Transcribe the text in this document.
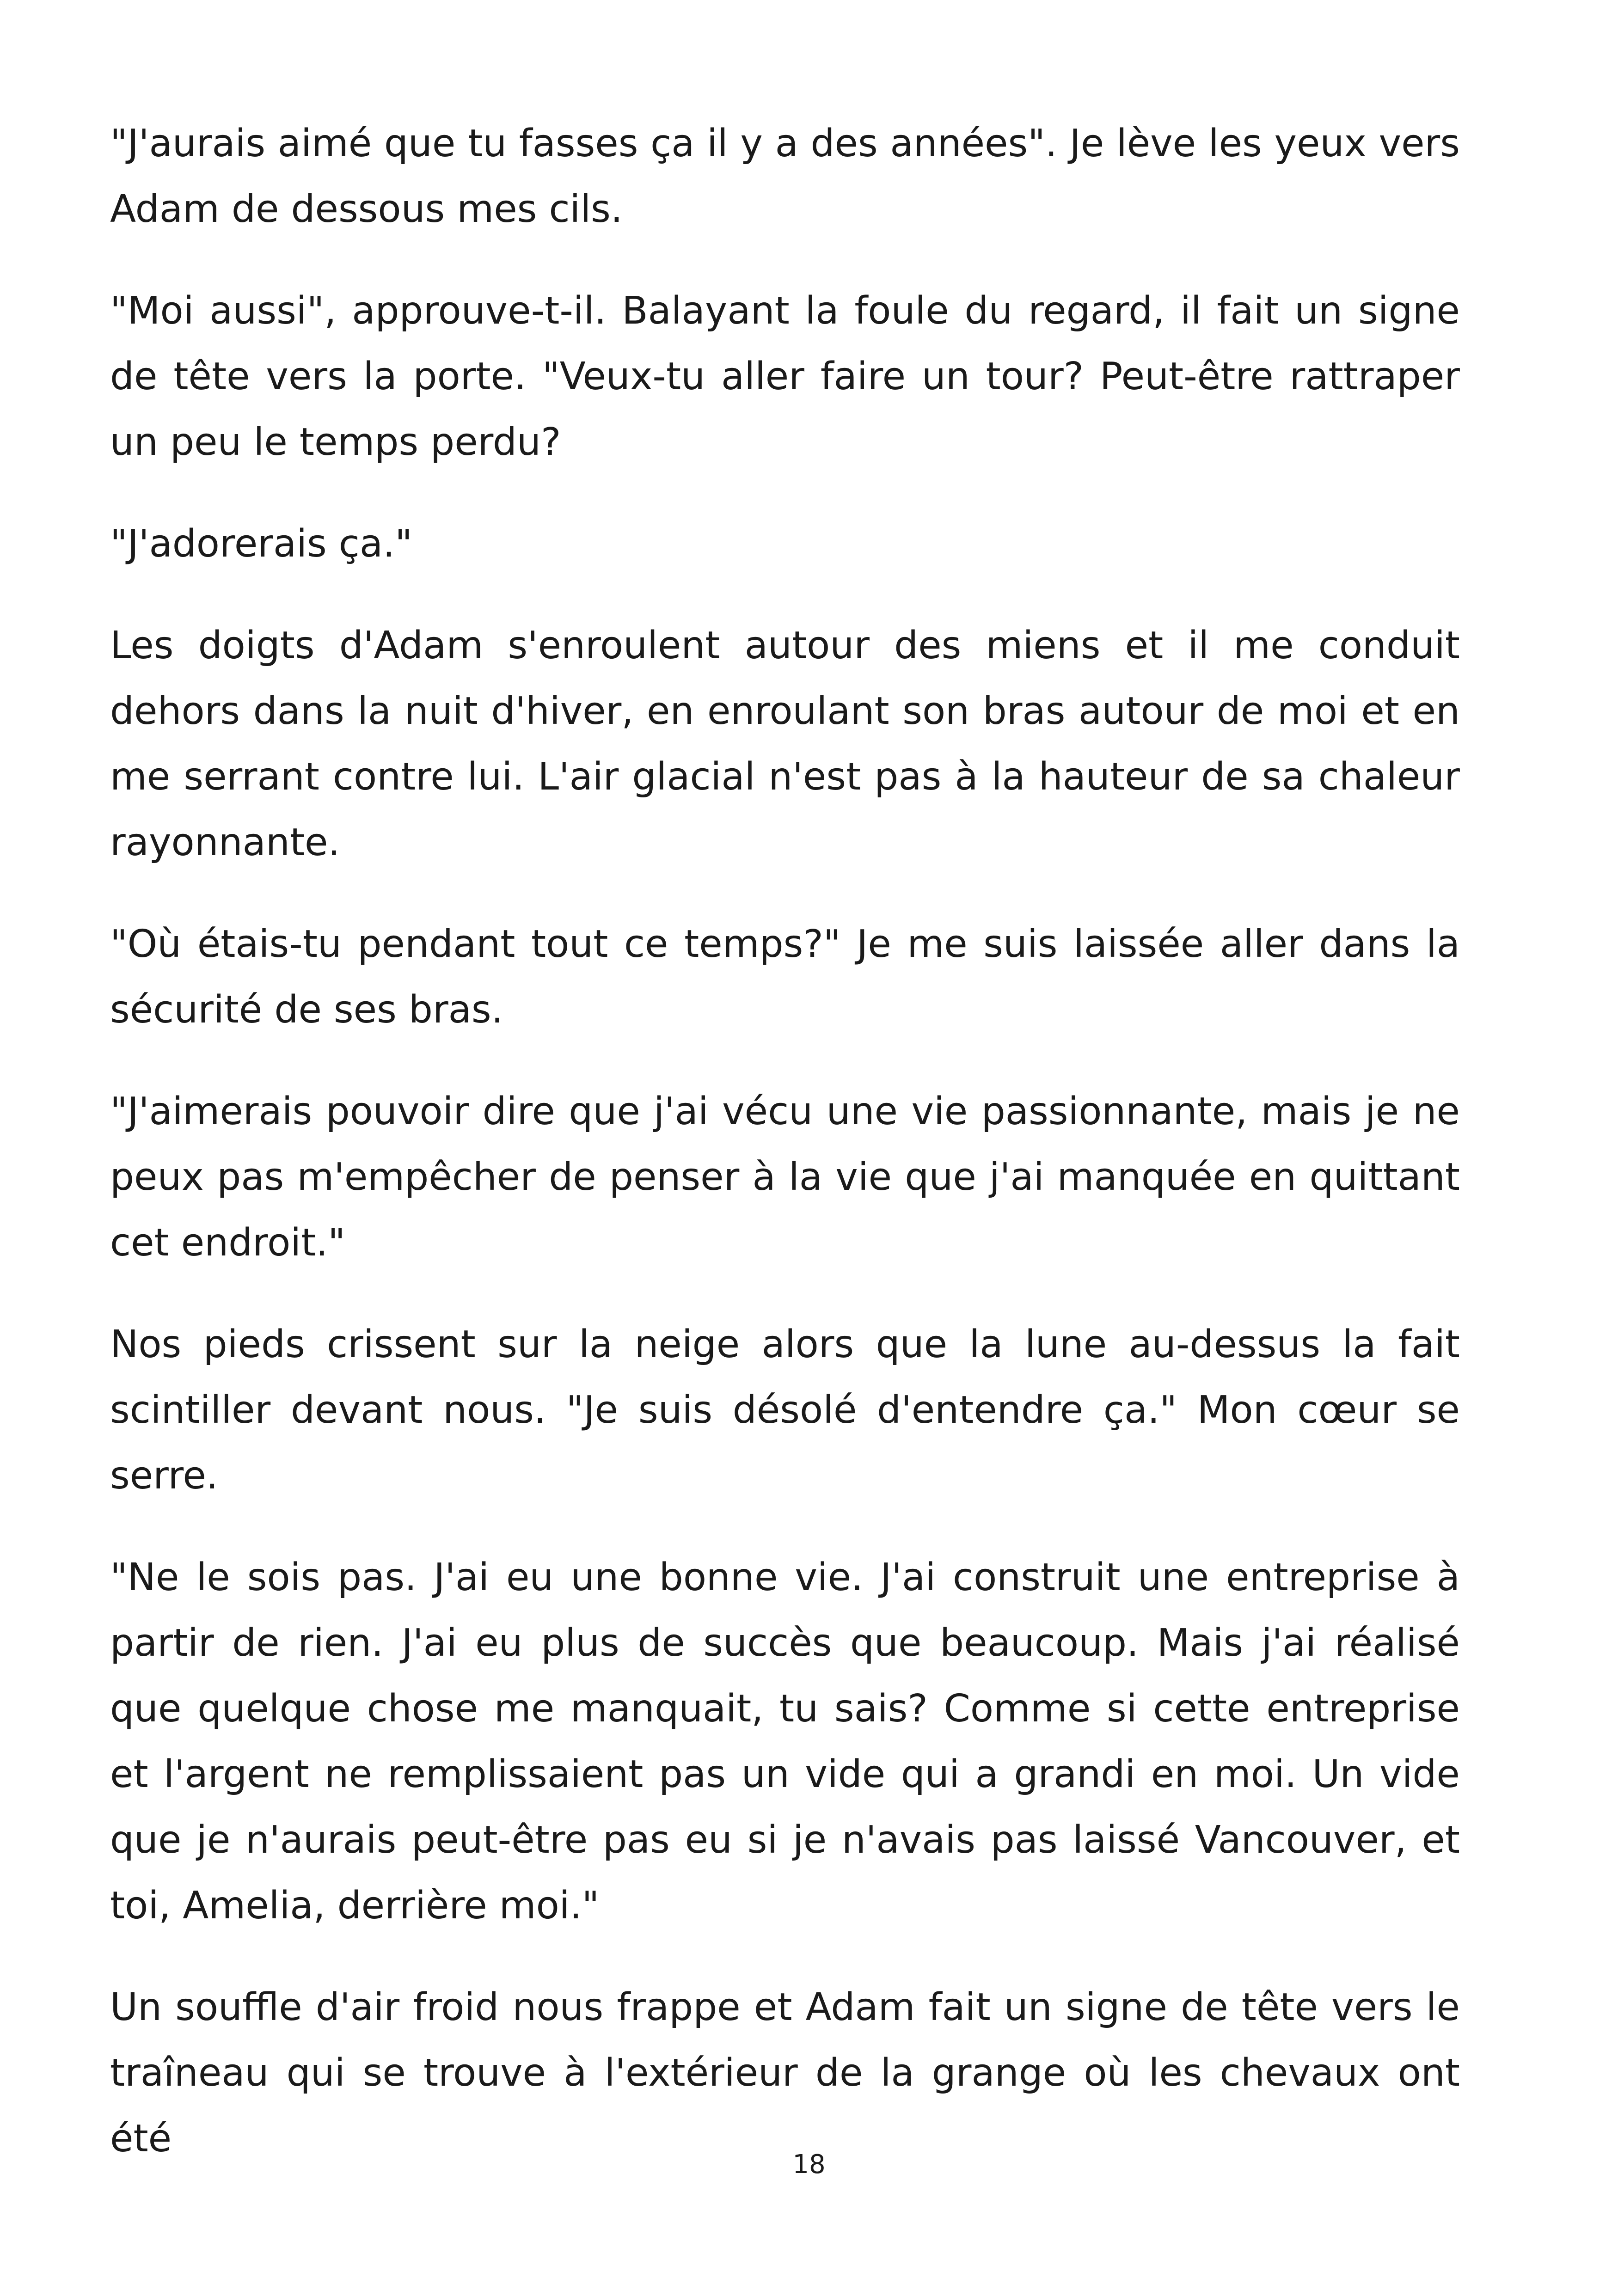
"J'aurais aimé que tu fasses ça il y a des années". Je lève les yeux vers Adam de dessous mes cils.

"Moi aussi", approuve-t-il. Balayant la foule du regard, il fait un signe de tête vers la porte. "Veux-tu aller faire un tour? Peut-être rattraper un peu le temps perdu?

"J'adorerais ça."

Les doigts d'Adam s'enroulent autour des miens et il me conduit dehors dans la nuit d'hiver, en enroulant son bras autour de moi et en me serrant contre lui. L'air glacial n'est pas à la hauteur de sa chaleur rayonnante.

"Où étais-tu pendant tout ce temps?" Je me suis laissée aller dans la sécurité de ses bras.

"J'aimerais pouvoir dire que j'ai vécu une vie passionnante, mais je ne peux pas m'empêcher de penser à la vie que j'ai manquée en quittant cet endroit."

Nos pieds crissent sur la neige alors que la lune au-dessus la fait scintiller devant nous. "Je suis désolé d'entendre ça." Mon cœur se serre.

"Ne le sois pas. J'ai eu une bonne vie. J'ai construit une entreprise à partir de rien. J'ai eu plus de succès que beaucoup. Mais j'ai réalisé que quelque chose me manquait, tu sais? Comme si cette entreprise et l'argent ne remplissaient pas un vide qui a grandi en moi. Un vide que je n'aurais peut-être pas eu si je n'avais pas laissé Vancouver, et toi, Amelia, derrière moi."

Un souffle d'air froid nous frappe et Adam fait un signe de tête vers le traîneau qui se trouve à l'extérieur de la grange où les chevaux ont été

18
